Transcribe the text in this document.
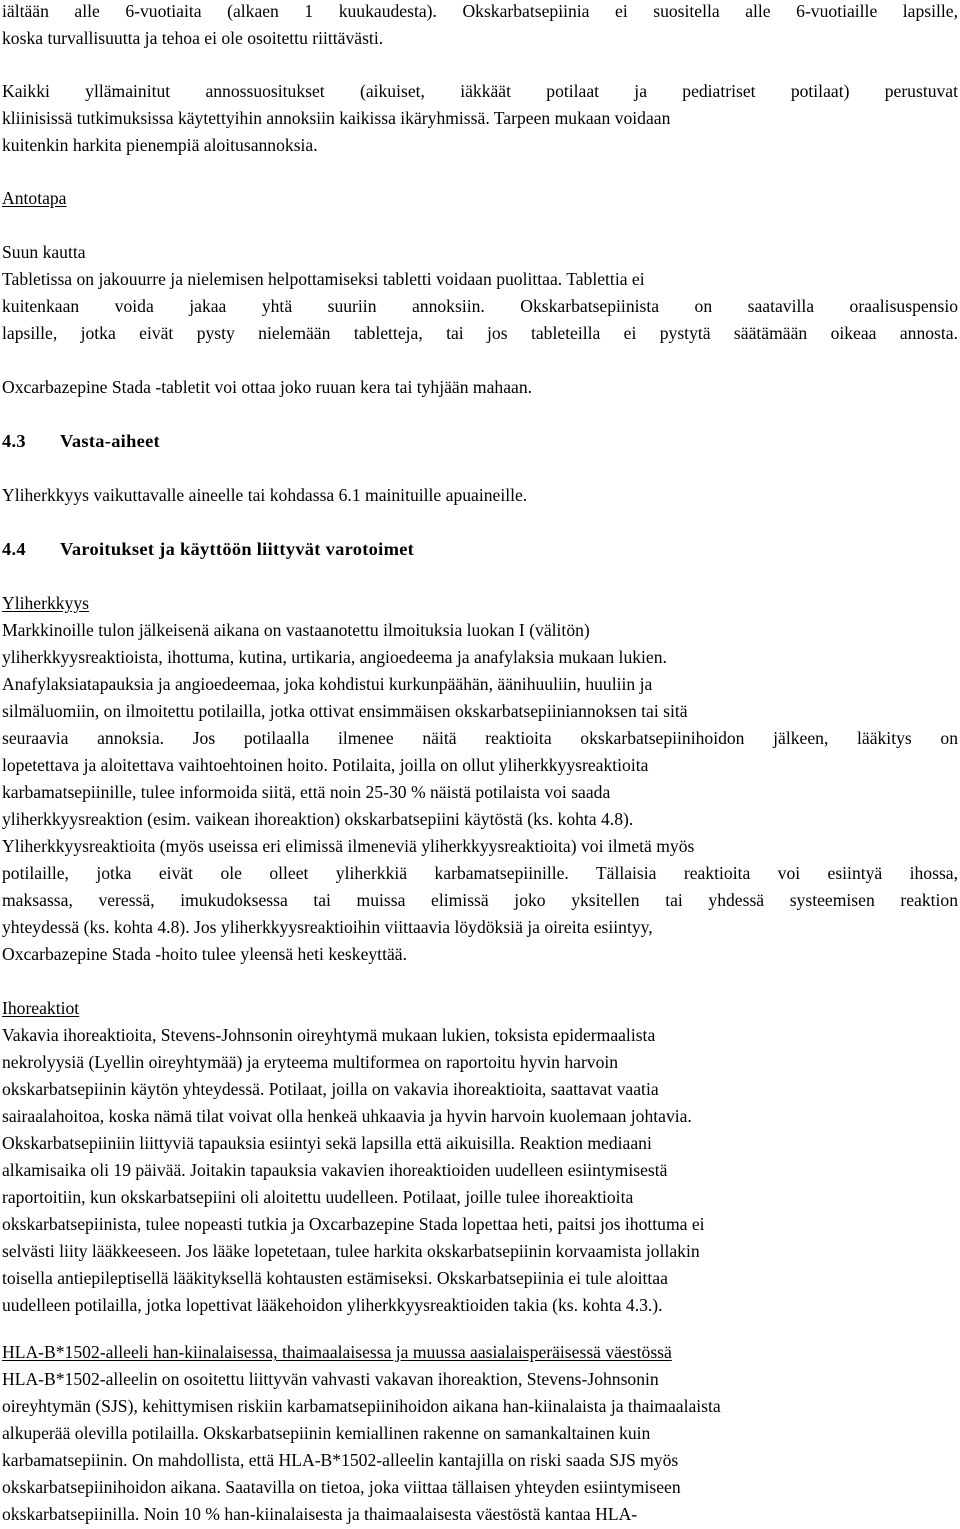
iältään alle 6-vuotiaita (alkaen 1 kuukaudesta). Okskarbatsepiinia ei suositella alle 6-vuotiaille lapsille,
koska turvallisuutta ja tehoa ei ole osoitettu riittävästi.
Kaikki yllämainitut annossuositukset (aikuiset, iäkkäät potilaat ja pediatriset potilaat) perustuvat
kliinisissä tutkimuksissa käytettyihin annoksiin kaikissa ikäryhmissä. Tarpeen mukaan voidaan
kuitenkin harkita pienempiä aloitusannoksia.
Antotapa
Suun kautta
Tabletissa on jakouurre ja nielemisen helpottamiseksi tabletti voidaan puolittaa. Tablettia ei
kuitenkaan voida jakaa yhtä suuriin annoksiin. Okskarbatsepiinista on saatavilla oraalisuspensio
lapsille, jotka eivät pysty nielemään tabletteja, tai jos tableteilla ei pystytä säätämään oikeaa annosta.
Oxcarbazepine Stada -tabletit voi ottaa joko ruuan kera tai tyhjään mahaan.
4.3 Vasta-aiheet
Yliherkkyys vaikuttavalle aineelle tai kohdassa 6.1 mainituille apuaineille.
4.4 Varoitukset ja käyttöön liittyvät varotoimet
Yliherkkyys
Markkinoille tulon jälkeisenä aikana on vastaanotettu ilmoituksia luokan I (välitön)
yliherkkyysreaktioista, ihottuma, kutina, urtikaria, angioedeema ja anafylaksia mukaan lukien.
Anafylaksiatapauksia ja angioedeemaa, joka kohdistui kurkunpäähän, äänihuuliin, huuliin ja
silmäluomiin, on ilmoitettu potilailla, jotka ottivat ensimmäisen okskarbatsepiiniannoksen tai sitä
seuraavia annoksia. Jos potilaalla ilmenee näitä reaktioita okskarbatsepiinihoidon jälkeen, lääkitys on
lopetettava ja aloitettava vaihtoehtoinen hoito. Potilaita, joilla on ollut yliherkkyysreaktioita
karbamatsepiinille, tulee informoida siitä, että noin 25-30 % näistä potilaista voi saada
yliherkkyysreaktion (esim. vaikean ihoreaktion) okskarbatsepiini käytöstä (ks. kohta 4.8).
Yliherkkyysreaktioita (myös useissa eri elimissä ilmeneviä yliherkkyysreaktioita) voi ilmetä myös
potilaille, jotka eivät ole olleet yliherkkiä karbamatsepiinille. Tällaisia reaktioita voi esiintyä ihossa,
maksassa, veressä, imukudoksessa tai muissa elimissä joko yksitellen tai yhdessä systeemisen reaktion
yhteydessä (ks. kohta 4.8). Jos yliherkkyysreaktioihin viittaavia löydöksiä ja oireita esiintyy,
Oxcarbazepine Stada -hoito tulee yleensä heti keskeyttää.
Ihoreaktiot
Vakavia ihoreaktioita, Stevens-Johnsonin oireyhtymä mukaan lukien, toksista epidermaalista
nekrolyysiä (Lyellin oireyhtymää) ja eryteema multiformea on raportoitu hyvin harvoin
okskarbatsepiinin käytön yhteydessä. Potilaat, joilla on vakavia ihoreaktioita, saattavat vaatia
sairaalahoitoa, koska nämä tilat voivat olla henkeä uhkaavia ja hyvin harvoin kuolemaan johtavia.
Okskarbatsepiiniin liittyviä tapauksia esiintyi sekä lapsilla että aikuisilla. Reaktion mediaani
alkamisaika oli 19 päivää. Joitakin tapauksia vakavien ihoreaktioiden uudelleen esiintymisestä
raportoitiin, kun okskarbatsepiini oli aloitettu uudelleen. Potilaat, joille tulee ihoreaktioita
okskarbatsepiinista, tulee nopeasti tutkia ja Oxcarbazepine Stada lopettaa heti, paitsi jos ihottuma ei
selvästi liity lääkkeeseen. Jos lääke lopetetaan, tulee harkita okskarbatsepiinin korvaamista jollakin
toisella antiepileptisellä lääkityksellä kohtausten estämiseksi. Okskarbatsepiinia ei tule aloittaa
uudelleen potilailla, jotka lopettivat lääkehoidon yliherkkyysreaktioiden takia (ks. kohta 4.3.).
HLA-B*1502-alleeli han-kiinalaisessa, thaimaalaisessa ja muussa aasialaisperäisessä väestössä
HLA-B*1502-alleelin on osoitettu liittyvän vahvasti vakavan ihoreaktion, Stevens-Johnsonin
oireyhtymän (SJS), kehittymisen riskiin karbamatsepiinihoidon aikana han-kiinalaista ja thaimaalaista
alkuperää olevilla potilailla. Okskarbatsepiinin kemiallinen rakenne on samankaltainen kuin
karbamatsepiinin. On mahdollista, että HLA-B*1502-alleelin kantajilla on riski saada SJS myös
okskarbatsepiinihoidon aikana. Saatavilla on tietoa, joka viittaa tällaisen yhteyden esiintymiseen
okskarbatsepiinilla. Noin 10 % han-kiinalaisesta ja thaimaalaisesta väestöstä kantaa HLA-
